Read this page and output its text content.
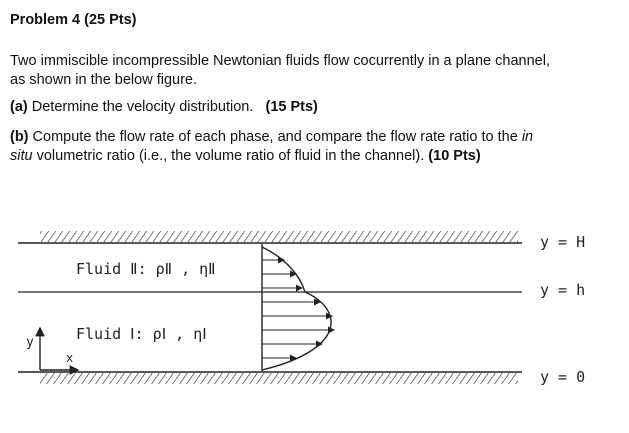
Problem 4 (25 Pts)
Two immiscible incompressible Newtonian fluids flow cocurrently in a plane channel,
as shown in the below figure.
(a) Determine the velocity distribution. (15 Pts)
(b) Compute the flow rate of each phase, and compare the flow rate ratio to the in
situ volumetric ratio (i.e., the volume ratio of fluid in the channel). (10 Pts)
y
x
Fluid Ⅱ: ρⅡ , ηⅡ
Fluid Ⅰ: ρⅠ , ηⅠ
y = H
y = h
y = 0
